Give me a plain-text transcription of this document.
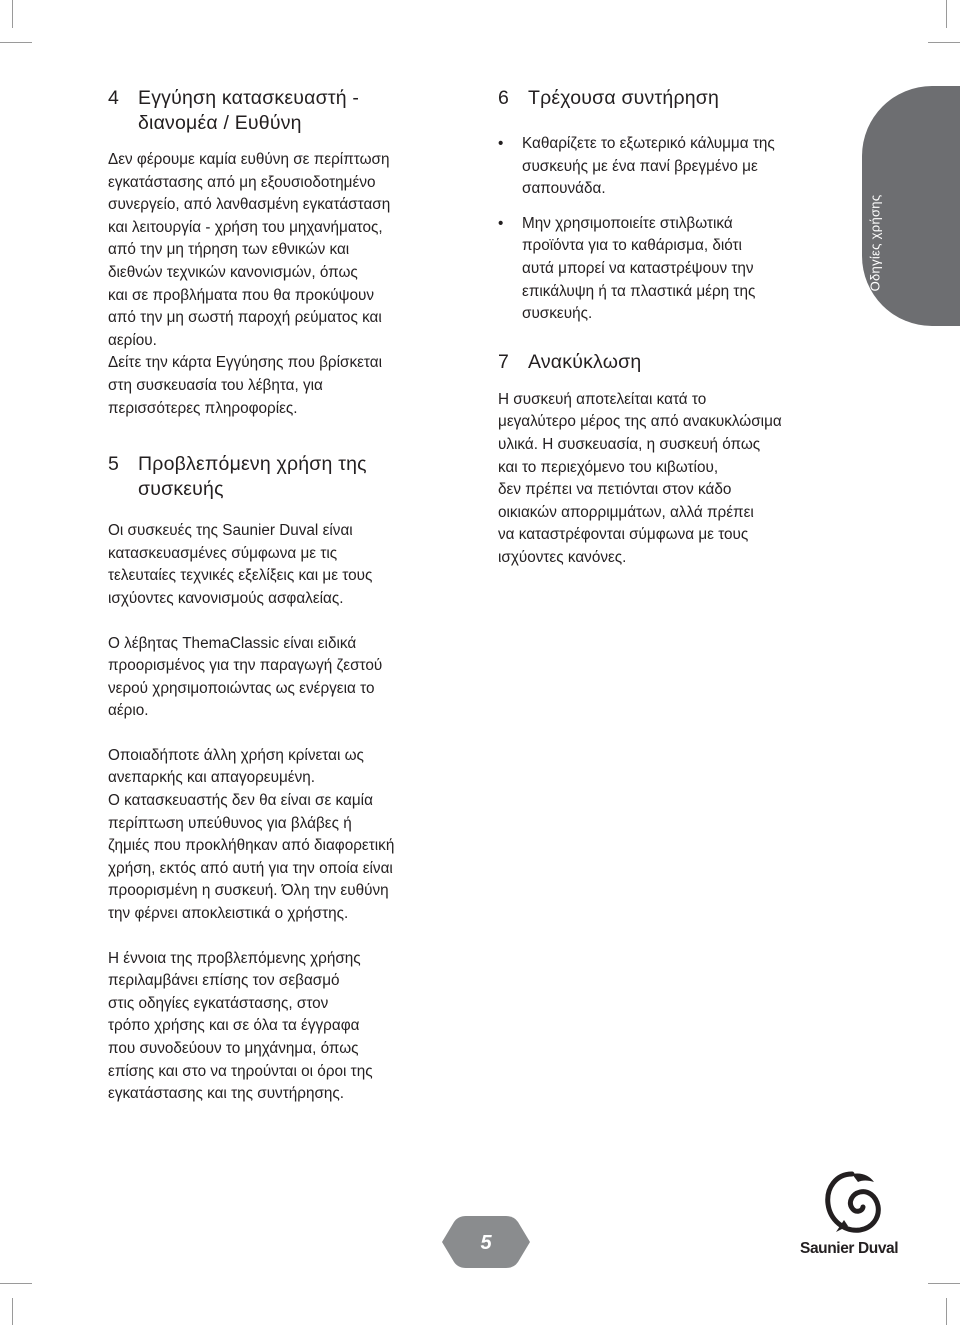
Οδηγίες χρήσης
4 Εγγύηση κατασκευαστή -
διανομέα / Ευθύνη
Δεν φέρουμε καμία ευθύνη σε περίπτωση
εγκατάστασης από μη εξουσιοδοτημένο
συνεργείο, από λανθασμένη εγκατάσταση
και λειτουργία - χρήση του μηχανήματος,
από την μη τήρηση των εθνικών και
διεθνών τεχνικών κανονισμών, όπως
και σε προβλήματα που θα προκύψουν
από την μη σωστή παροχή ρεύματος και
αερίου.
Δείτε την κάρτα Εγγύησης που βρίσκεται
στη συσκευασία του λέβητα, για
περισσότερες πληροφορίες.
5 Προβλεπόμενη χρήση της
συσκευής
Οι συσκευές της Saunier Duval είναι
κατασκευασμένες σύμφωνα με τις
τελευταίες τεχνικές εξελίξεις και με τους
ισχύοντες κανονισμούς ασφαλείας.
Ο λέβητας ThemaClassic είναι ειδικά
προορισμένος για την παραγωγή ζεστού
νερού χρησιμοποιώντας ως ενέργεια το
αέριο.
Οποιαδήποτε άλλη χρήση κρίνεται ως
ανεπαρκής και απαγορευμένη.
Ο κατασκευαστής δεν θα είναι σε καμία
περίπτωση υπεύθυνος για βλάβες ή
ζημιές που προκλήθηκαν από διαφορετική
χρήση, εκτός από αυτή για την οποία είναι
προορισμένη η συσκευή. Όλη την ευθύνη
την φέρνει αποκλειστικά ο χρήστης.
Η έννοια της προβλεπόμενης χρήσης
περιλαμβάνει επίσης τον σεβασμό
στις οδηγίες εγκατάστασης, στον
τρόπο χρήσης και σε όλα τα έγγραφα
που συνοδεύουν το μηχάνημα, όπως
επίσης και στο να τηρούνται οι όροι της
εγκατάστασης και της συντήρησης.
6 Τρέχουσα συντήρηση
• Καθαρίζετε το εξωτερικό κάλυμμα της
συσκευής με ένα πανί βρεγμένο με
σαπουνάδα.
• Μην χρησιμοποιείτε στιλβωτικά
προϊόντα για το καθάρισμα, διότι
αυτά μπορεί να καταστρέψουν την
επικάλυψη ή τα πλαστικά μέρη της
συσκευής.
7 Ανακύκλωση
Η συσκευή αποτελείται κατά το
μεγαλύτερο μέρος της από ανακυκλώσιμα
υλικά. Η συσκευασία, η συσκευή όπως
και το περιεχόμενο του κιβωτίου,
δεν πρέπει να πετιόνται στον κάδο
οικιακών απορριμμάτων, αλλά πρέπει
να καταστρέφονται σύμφωνα με τους
ισχύοντες κανόνες.
5	Saunier Duval
